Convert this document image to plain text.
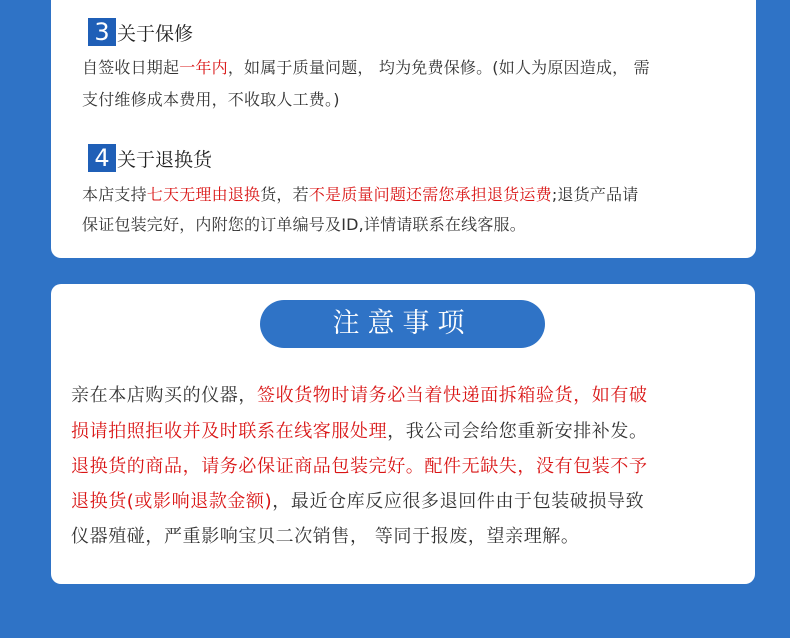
3 关于保修

自签收日期起一年内，如属于质量问题， 均为免费保修。(如人为原因造成， 需

支付维修成本费用，不收取人工费。)

4 关于退换货

本店支持七天无理由退换货，若不是质量问题还需您承担退货运费;退货产品请

保证包装完好，内附您的订单编号及ID,详情请联系在线客服。

注意事项

亲在本店购买的仪器，签收货物时请务必当着快递面拆箱验货，如有破

损请拍照拒收并及时联系在线客服处理，我公司会给您重新安排补发。

退换货的商品，请务必保证商品包装完好。配件无缺失，没有包装不予

退换货(或影响退款金额)，最近仓库反应很多退回件由于包装破损导致

仪器殖碰，严重影响宝贝二次销售， 等同于报废，望亲理解。
